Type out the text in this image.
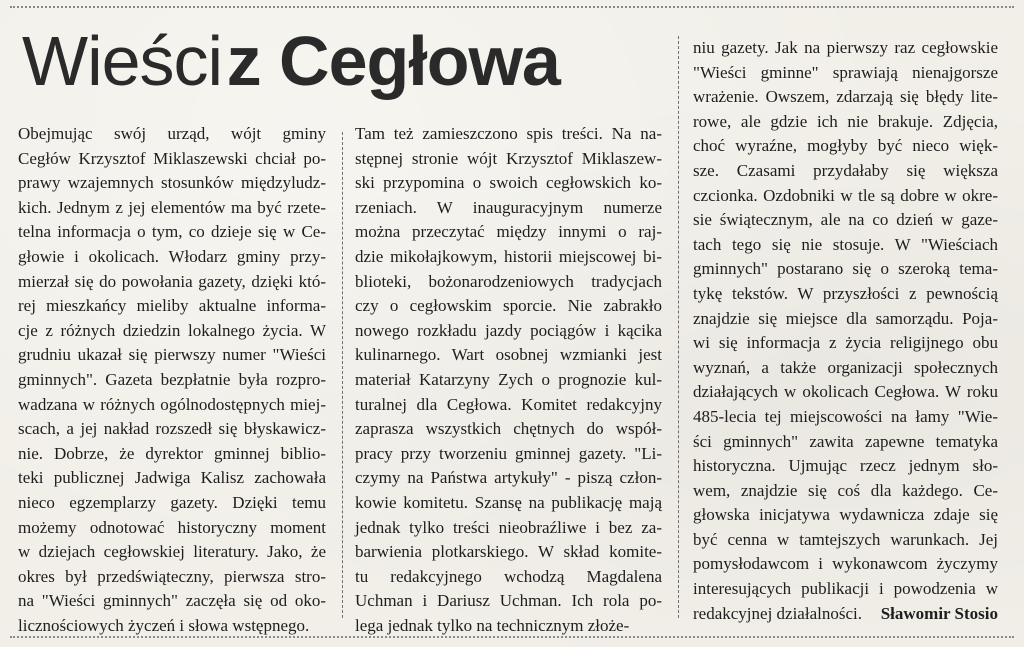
Wieści z Cegłowa
Obejmując swój urząd, wójt gminy
Cegłów Krzysztof Miklaszewski chciał po-
prawy wzajemnych stosunków międzyludz-
kich. Jednym z jej elementów ma być rzete-
telna informacja o tym, co dzieje się w Ce-
głowie i okolicach. Włodarz gminy przy-
mierzał się do powołania gazety, dzięki któ-
rej mieszkańcy mieliby aktualne informa-
cje z różnych dziedzin lokalnego życia. W
grudniu ukazał się pierwszy numer "Wieści
gminnych". Gazeta bezpłatnie była rozpro-
wadzana w różnych ogólnodostępnych miej-
scach, a jej nakład rozszedł się błyskawicz-
nie. Dobrze, że dyrektor gminnej biblio-
teki publicznej Jadwiga Kalisz zachowała
nieco egzemplarzy gazety. Dzięki temu
możemy odnotować historyczny moment
w dziejach cegłowskiej literatury. Jako, że
okres był przedświąteczny, pierwsza stro-
na "Wieści gminnych" zaczęła się od oko-
licznościowych życzeń i słowa wstępnego.
Tam też zamieszczono spis treści. Na na-
stępnej stronie wójt Krzysztof Miklaszew-
ski przypomina o swoich cegłowskich ko-
rzeniach. W inauguracyjnym numerze
można przeczytać między innymi o raj-
dzie mikołajkowym, historii miejscowej bi-
blioteki, bożonarodzeniowych tradycjach
czy o cegłowskim sporcie. Nie zabrakło
nowego rozkładu jazdy pociągów i kącika
kulinarnego. Wart osobnej wzmianki jest
materiał Katarzyny Zych o prognozie kul-
turalnej dla Cegłowa. Komitet redakcyjny
zaprasza wszystkich chętnych do współ-
pracy przy tworzeniu gminnej gazety. "Li-
czymy na Państwa artykuły" - piszą człon-
kowie komitetu. Szansę na publikację mają
jednak tylko treści nieobraźliwe i bez za-
barwienia plotkarskiego. W skład komite-
tu redakcyjnego wchodzą Magdalena
Uchman i Dariusz Uchman. Ich rola po-
lega jednak tylko na technicznym złoże-
niu gazety. Jak na pierwszy raz cegłowskie
"Wieści gminne" sprawiają nienajgorsze
wrażenie. Owszem, zdarzają się błędy lite-
rowe, ale gdzie ich nie brakuje. Zdjęcia,
choć wyraźne, mogłyby być nieco więk-
sze. Czasami przydałaby się większa
czcionka. Ozdobniki w tle są dobre w okre-
sie świątecznym, ale na co dzień w gaze-
tach tego się nie stosuje. W "Wieściach
gminnych" postarano się o szeroką tema-
tykę tekstów. W przyszłości z pewnością
znajdzie się miejsce dla samorządu. Poja-
wi się informacja z życia religijnego obu
wyznań, a także organizacji społecznych
działających w okolicach Cegłowa. W roku
485-lecia tej miejscowości na łamy "Wie-
ści gminnych" zawita zapewne tematyka
historyczna. Ujmując rzecz jednym sło-
wem, znajdzie się coś dla każdego. Ce-
głowska inicjatywa wydawnicza zdaje się
być cenna w tamtejszych warunkach. Jej
pomysłodawcom i wykonawcom życzymy
interesujących publikacji i powodzenia w
redakcyjnej działalności.	Sławomir Stosio
